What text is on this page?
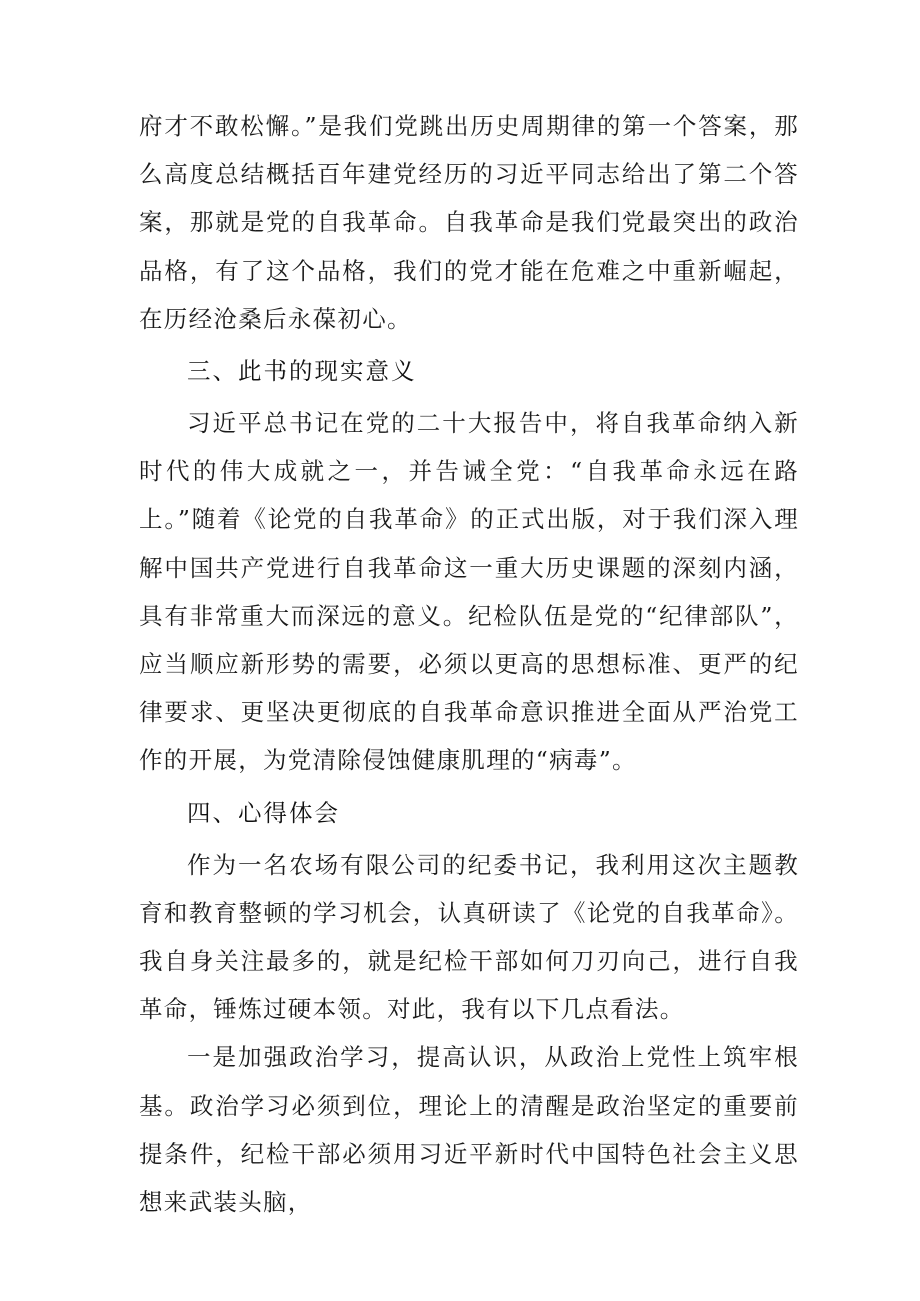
府才不敢松懈。”是我们党跳出历史周期律的第一个答案，那么高度总结概括百年建党经历的习近平同志给出了第二个答案，那就是党的自我革命。自我革命是我们党最突出的政治品格，有了这个品格，我们的党才能在危难之中重新崛起，在历经沧桑后永葆初心。

三、此书的现实意义

习近平总书记在党的二十大报告中，将自我革命纳入新时代的伟大成就之一，并告诫全党：“自我革命永远在路上。”随着《论党的自我革命》的正式出版，对于我们深入理解中国共产党进行自我革命这一重大历史课题的深刻内涵，具有非常重大而深远的意义。纪检队伍是党的“纪律部队”，应当顺应新形势的需要，必须以更高的思想标准、更严的纪律要求、更坚决更彻底的自我革命意识推进全面从严治党工作的开展，为党清除侵蚀健康肌理的“病毒”。

四、心得体会

作为一名农场有限公司的纪委书记，我利用这次主题教育和教育整顿的学习机会，认真研读了《论党的自我革命》。我自身关注最多的，就是纪检干部如何刀刃向己，进行自我革命，锤炼过硬本领。对此，我有以下几点看法。

一是加强政治学习，提高认识，从政治上党性上筑牢根基。政治学习必须到位，理论上的清醒是政治坚定的重要前提条件，纪检干部必须用习近平新时代中国特色社会主义思想来武装头脑，
